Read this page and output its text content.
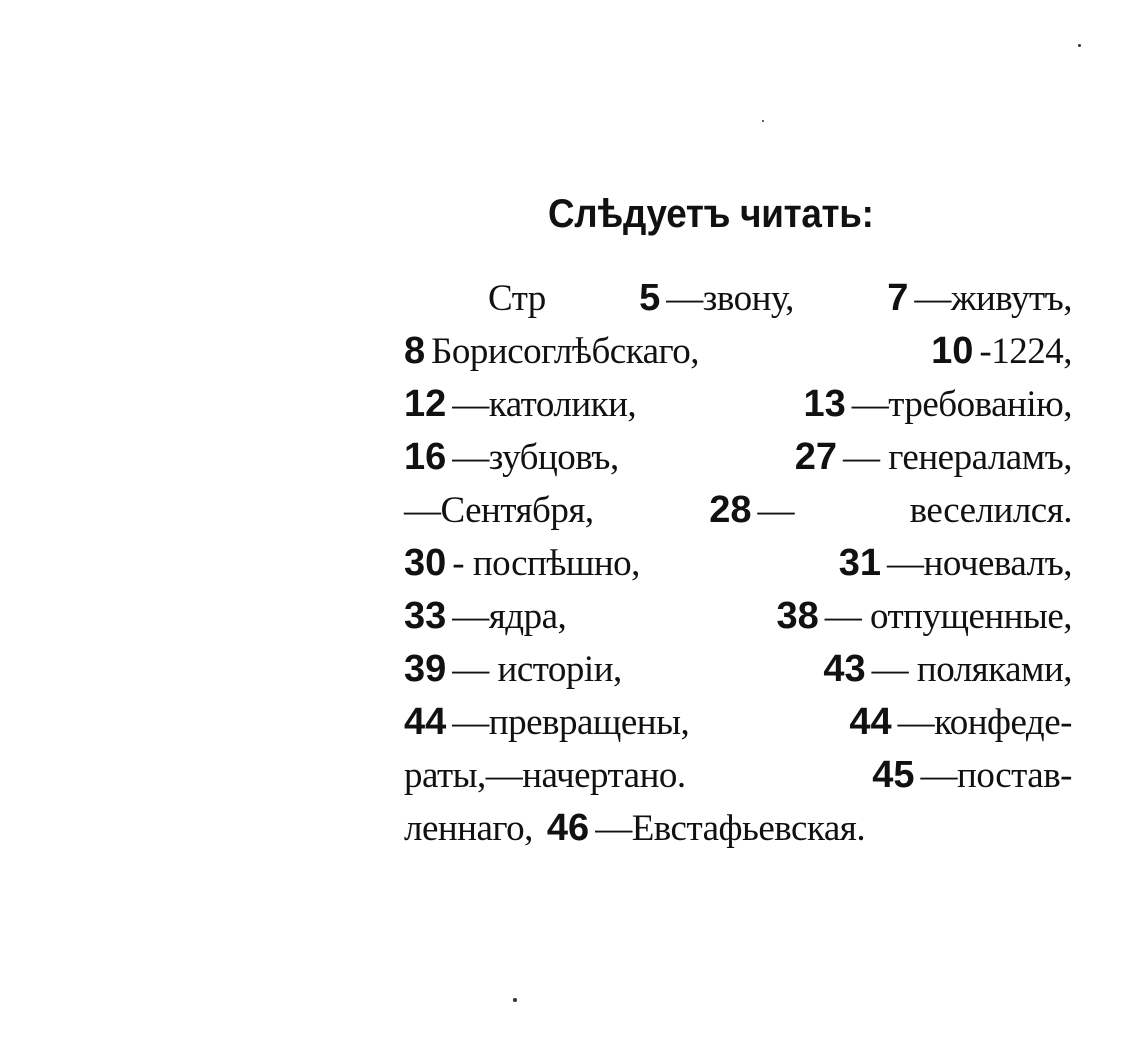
Слѣдуетъ читать:
Стр 5 —звону, 7 —живутъ,
8 Борисоглѣбскаго,	10 -1224,
12 —католики,	13 —требованію,
16 —зубцовъ,	27 — генераламъ,
—Сентября,	28 —	веселился.
30 - поспѣшно,	31 —ночевалъ,
33 —ядра,	38 — отпущенные,
39 — исторіи,	43 — поляками,
44 —превращены,	44 —конфеде-
раты,—начертано.	45 —постав-
леннаго, 46 —Евстафьевская.
